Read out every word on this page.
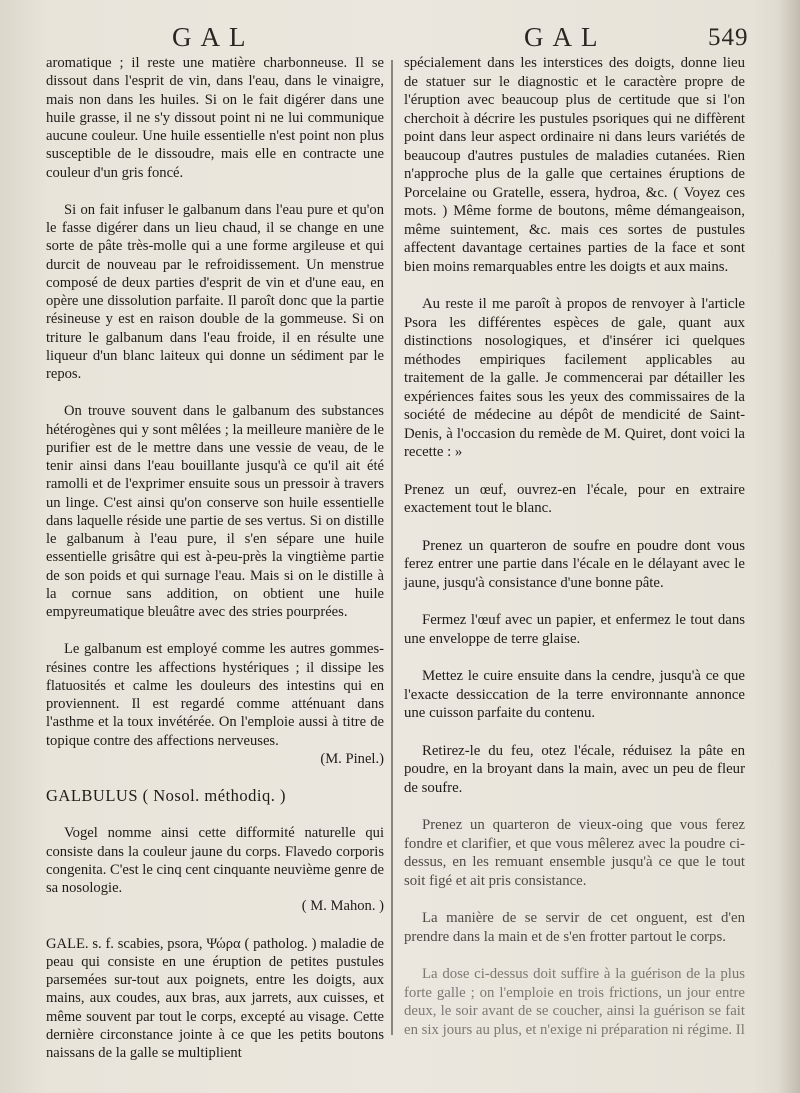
GAL	GAL	549

aromatique ; il reste une matière charbonneuse. Il se dissout dans l'esprit de vin, dans l'eau, dans le vinaigre, mais non dans les huiles. Si on le fait digérer dans une huile grasse, il ne s'y dissout point ni ne lui communique aucune couleur. Une huile essentielle n'est point non plus susceptible de le dissoudre, mais elle en contracte une couleur d'un gris foncé.

Si on fait infuser le galbanum dans l'eau pure et qu'on le fasse digérer dans un lieu chaud, il se change en une sorte de pâte très-molle qui a une forme argileuse et qui durcit de nouveau par le refroidissement. Un menstrue composé de deux parties d'esprit de vin et d'une eau, en opère une dissolution parfaite. Il paroît donc que la partie résineuse y est en raison double de la gommeuse. Si on triture le galbanum dans l'eau froide, il en résulte une liqueur d'un blanc laiteux qui donne un sédiment par le repos.

On trouve souvent dans le galbanum des substances hétérogènes qui y sont mêlées ; la meilleure manière de le purifier est de le mettre dans une vessie de veau, de le tenir ainsi dans l'eau bouillante jusqu'à ce qu'il ait été ramolli et de l'exprimer ensuite sous un pressoir à travers un linge. C'est ainsi qu'on conserve son huile essentielle dans laquelle réside une partie de ses vertus. Si on distille le galbanum à l'eau pure, il s'en sépare une huile essentielle grisâtre qui est à-peu-près la vingtième partie de son poids et qui surnage l'eau. Mais si on le distille à la cornue sans addition, on obtient une huile empyreumatique bleuâtre avec des stries pourprées.

Le galbanum est employé comme les autres gommes-résines contre les affections hystériques ; il dissipe les flatuosités et calme les douleurs des intestins qui en proviennent. Il est regardé comme atténuant dans l'asthme et la toux invétérée. On l'emploie aussi à titre de topique contre des affections nerveuses.

(M. Pinel.)

GALBULUS ( Nosol. méthodiq. )

Vogel nomme ainsi cette difformité naturelle qui consiste dans la couleur jaune du corps. Flavedo corporis congenita. C'est le cinq cent cinquante neuvième genre de sa nosologie.

( M. Mahon. )

GALE. s. f. scabies, psora, Ψώρα ( patholog. ) maladie de peau qui consiste en une éruption de petites pustules parsemées sur-tout aux poignets, entre les doigts, aux mains, aux coudes, aux bras, aux jarrets, aux cuisses, et même souvent par tout le corps, excepté au visage. Cette dernière circonstance jointe à ce que les petits boutons naissans de la galle se multiplient

spécialement dans les interstices des doigts, donne lieu de statuer sur le diagnostic et le caractère propre de l'éruption avec beaucoup plus de certitude que si l'on cherchoit à décrire les pustules psoriques qui ne diffèrent point dans leur aspect ordinaire ni dans leurs variétés de beaucoup d'autres pustules de maladies cutanées. Rien n'approche plus de la galle que certaines éruptions de Porcelaine ou Gratelle, essera, hydroa, &c. ( Voyez ces mots. ) Même forme de boutons, même démangeaison, même suintement, &c. mais ces sortes de pustules affectent davantage certaines parties de la face et sont bien moins remarquables entre les doigts et aux mains.

Au reste il me paroît à propos de renvoyer à l'article Psora les différentes espèces de gale, quant aux distinctions nosologiques, et d'insérer ici quelques méthodes empiriques facilement applicables au traitement de la galle. Je commencerai par détailler les expériences faites sous les yeux des commissaires de la société de médecine au dépôt de mendicité de Saint-Denis, à l'occasion du remède de M. Quiret, dont voici la recette : »

Prenez un œuf, ouvrez-en l'écale, pour en extraire exactement tout le blanc.

Prenez un quarteron de soufre en poudre dont vous ferez entrer une partie dans l'écale en le délayant avec le jaune, jusqu'à consistance d'une bonne pâte.

Fermez l'œuf avec un papier, et enfermez le tout dans une enveloppe de terre glaise.

Mettez le cuire ensuite dans la cendre, jusqu'à ce que l'exacte dessiccation de la terre environnante annonce une cuisson parfaite du contenu.

Retirez-le du feu, otez l'écale, réduisez la pâte en poudre, en la broyant dans la main, avec un peu de fleur de soufre.

Prenez un quarteron de vieux-oing que vous ferez fondre et clarifier, et que vous mêlerez avec la poudre ci-dessus, en les remuant ensemble jusqu'à ce que le tout soit figé et ait pris consistance.

La manière de se servir de cet onguent, est d'en prendre dans la main et de s'en frotter partout le corps.

La dose ci-dessus doit suffire à la guérison de la plus forte galle ; on l'emploie en trois frictions, un jour entre deux, le soir avant de se coucher, ainsi la guérison se fait en six jours au plus, et n'exige ni préparation ni régime. Il
